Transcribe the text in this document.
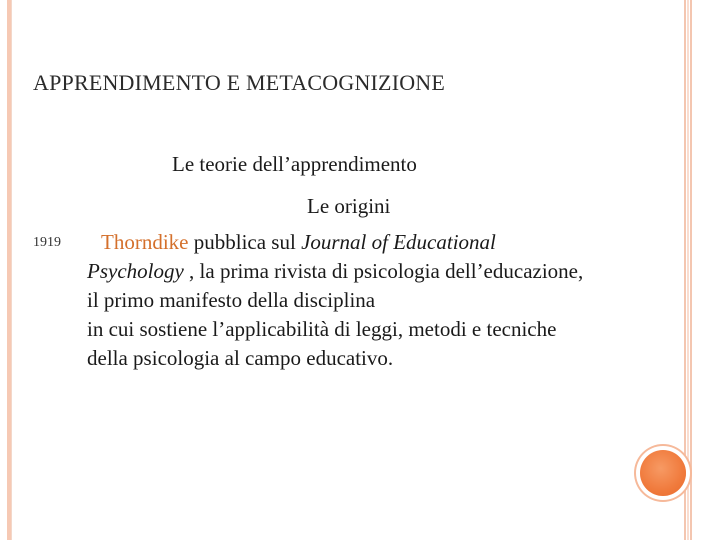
APPRENDIMENTO E METACOGNIZIONE
Le teorie dell’apprendimento
Le origini
1919	Thorndike pubblica sul Journal of Educational
Psychology , la prima rivista di psicologia dell’educazione,
il primo manifesto della disciplina
in cui sostiene l’applicabilità di leggi, metodi e tecniche
della psicologia al campo educativo.
